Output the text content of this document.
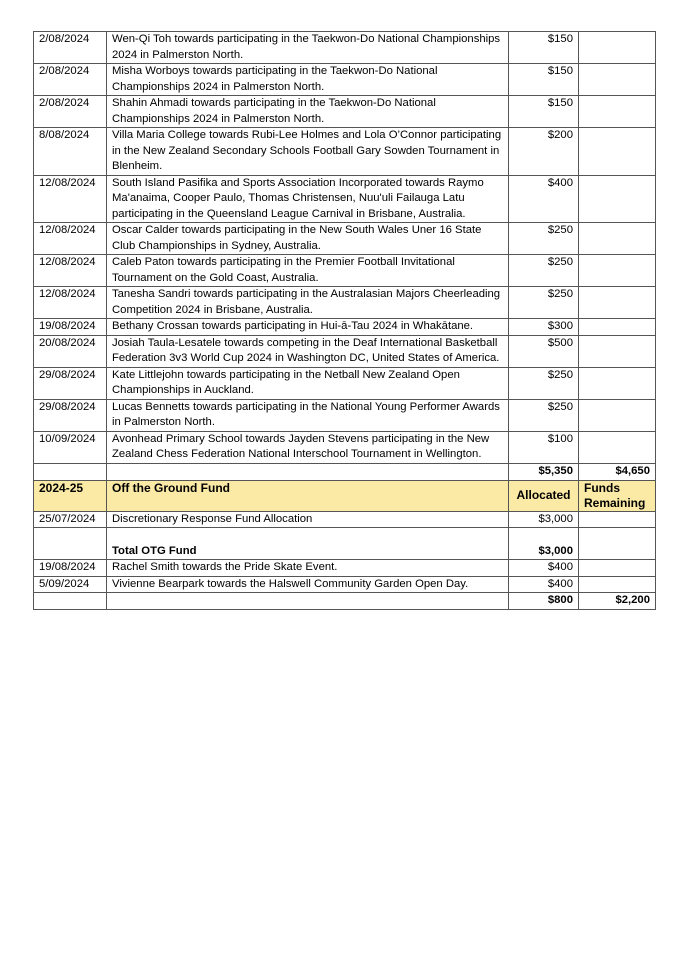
2/08/2024	Wen-Qi Toh towards participating in the Taekwon-Do National Championships 2024 in Palmerston North.	$150	
2/08/2024	Misha Worboys towards participating in the Taekwon-Do National Championships 2024 in Palmerston North.	$150	
2/08/2024	Shahin Ahmadi towards participating in the Taekwon-Do National Championships 2024 in Palmerston North.	$150	
8/08/2024	Villa Maria College towards Rubi-Lee Holmes and Lola O’Connor participating in the New Zealand Secondary Schools Football Gary Sowden Tournament in Blenheim.	$200	
12/08/2024	South Island Pasifika and Sports Association Incorporated towards Raymo Ma'anaima, Cooper Paulo, Thomas Christensen, Nuu'uli Failauga Latu participating in the Queensland League Carnival in Brisbane, Australia.	$400	
12/08/2024	Oscar Calder towards participating in the New South Wales Uner 16 State Club Championships in Sydney, Australia.	$250	
12/08/2024	Caleb Paton towards participating in the Premier Football Invitational Tournament on the Gold Coast, Australia.	$250	
12/08/2024	Tanesha Sandri towards participating in the Australasian Majors Cheerleading Competition 2024 in Brisbane, Australia.	$250	
19/08/2024	Bethany Crossan towards participating in Hui-ā-Tau 2024 in Whakātane.	$300	
20/08/2024	Josiah Taula-Lesatele towards competing in the Deaf International Basketball Federation 3v3 World Cup 2024 in Washington DC, United States of America.	$500	
29/08/2024	Kate Littlejohn towards participating in the Netball New Zealand Open Championships in Auckland.	$250	
29/08/2024	Lucas Bennetts towards participating in the National Young Performer Awards in Palmerston North.	$250	
10/09/2024	Avonhead Primary School towards Jayden Stevens participating in the New Zealand Chess Federation National Interschool Tournament in Wellington.	$100	
		$5,350	$4,650
2024-25	Off the Ground Fund	Allocated	Funds Remaining
25/07/2024	Discretionary Response Fund Allocation	$3,000	
	Total OTG Fund	$3,000	
19/08/2024	Rachel Smith towards the Pride Skate Event.	$400	
5/09/2024	Vivienne Bearpark towards the Halswell Community Garden Open Day.	$400	
		$800	$2,200
